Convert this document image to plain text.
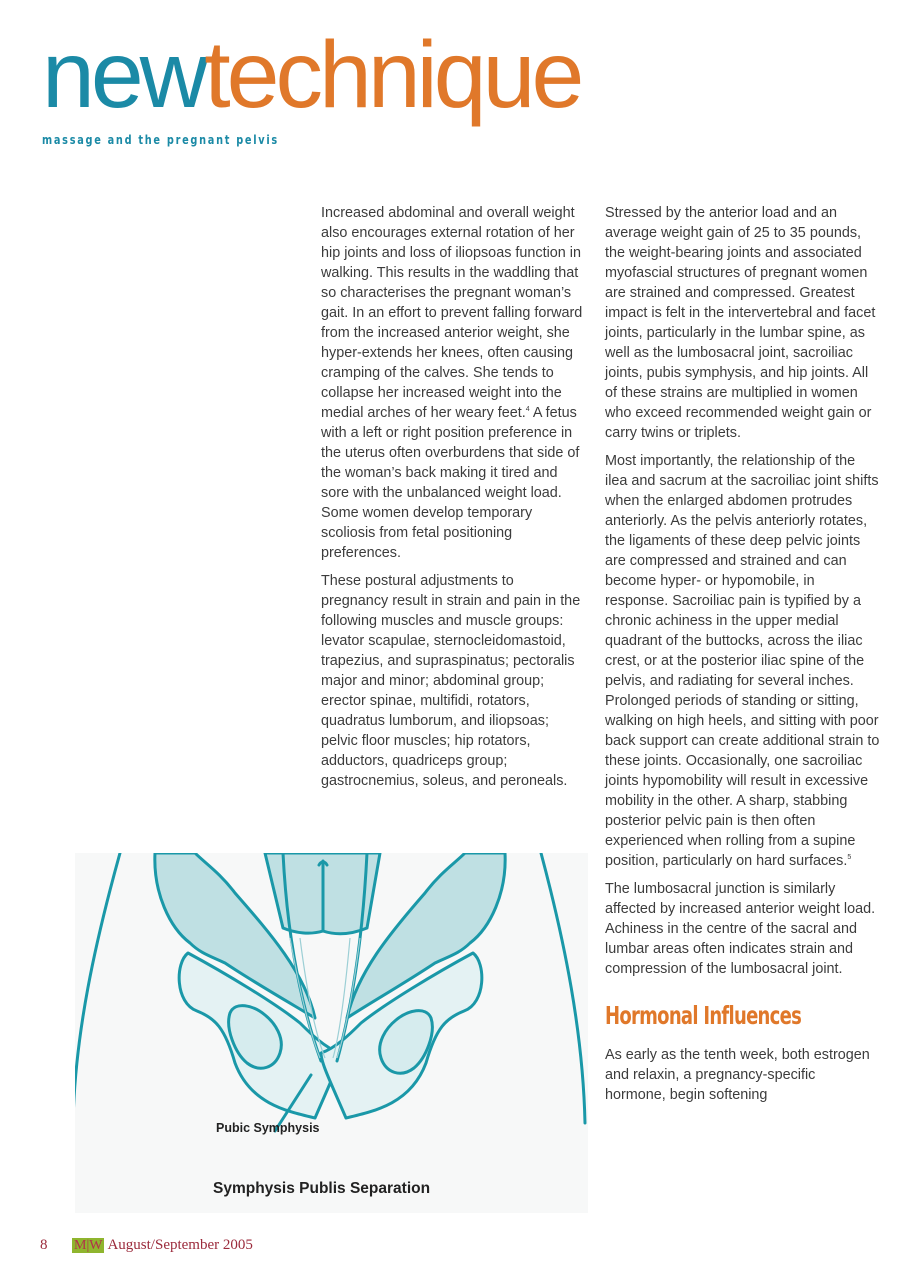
newtechnique
massage and the pregnant pelvis

Increased abdominal and overall weight also encourages external rotation of her hip joints and loss of iliopsoas function in walking. This results in the waddling that so characterises the pregnant woman’s gait. In an effort to prevent falling forward from the increased anterior weight, she hyper-extends her knees, often causing cramping of the calves. She tends to collapse her increased weight into the medial arches of her weary feet.$^4$ A fetus with a left or right position preference in the uterus often overburdens that side of the woman’s back making it tired and sore with the unbalanced weight load. Some women develop temporary scoliosis from fetal positioning preferences.

These postural adjustments to pregnancy result in strain and pain in the following muscles and muscle groups: levator scapulae, sternocleidomastoid, trapezius, and supraspinatus; pectoralis major and minor; abdominal group; erector spinae, multifidi, rotators, quadratus lumborum, and iliopsoas; pelvic floor muscles; hip rotators, adductors, quadriceps group; gastrocnemius, soleus, and peroneals.

Stressed by the anterior load and an average weight gain of 25 to 35 pounds, the weight-bearing joints and associated myofascial structures of pregnant women are strained and compressed. Greatest impact is felt in the intervertebral and facet joints, particularly in the lumbar spine, as well as the lumbosacral joint, sacroiliac joints, pubis symphysis, and hip joints. All of these strains are multiplied in women who exceed recommended weight gain or carry twins or triplets.

Most importantly, the relationship of the ilea and sacrum at the sacroiliac joint shifts when the enlarged abdomen protrudes anteriorly. As the pelvis anteriorly rotates, the ligaments of these deep pelvic joints are compressed and strained and can become hyper- or hypomobile, in response. Sacroiliac pain is typified by a chronic achiness in the upper medial quadrant of the buttocks, across the iliac crest, or at the posterior iliac spine of the pelvis, and radiating for several inches. Prolonged periods of standing or sitting, walking on high heels, and sitting with poor back support can create additional strain to these joints. Occasionally, one sacroiliac joints hypomobility will result in excessive mobility in the other. A sharp, stabbing posterior pelvic pain is then often experienced when rolling from a supine position, particularly on hard surfaces.$^5$

The lumbosacral junction is similarly affected by increased anterior weight load. Achiness in the centre of the sacral and lumbar areas often indicates strain and compression of the lumbosacral joint.

Hormonal Influences

As early as the tenth week, both estrogen and relaxin, a pregnancy-specific hormone, begin softening

Pubic Symphysis
Symphysis Publis Separation
8 M|W August/September 2005
